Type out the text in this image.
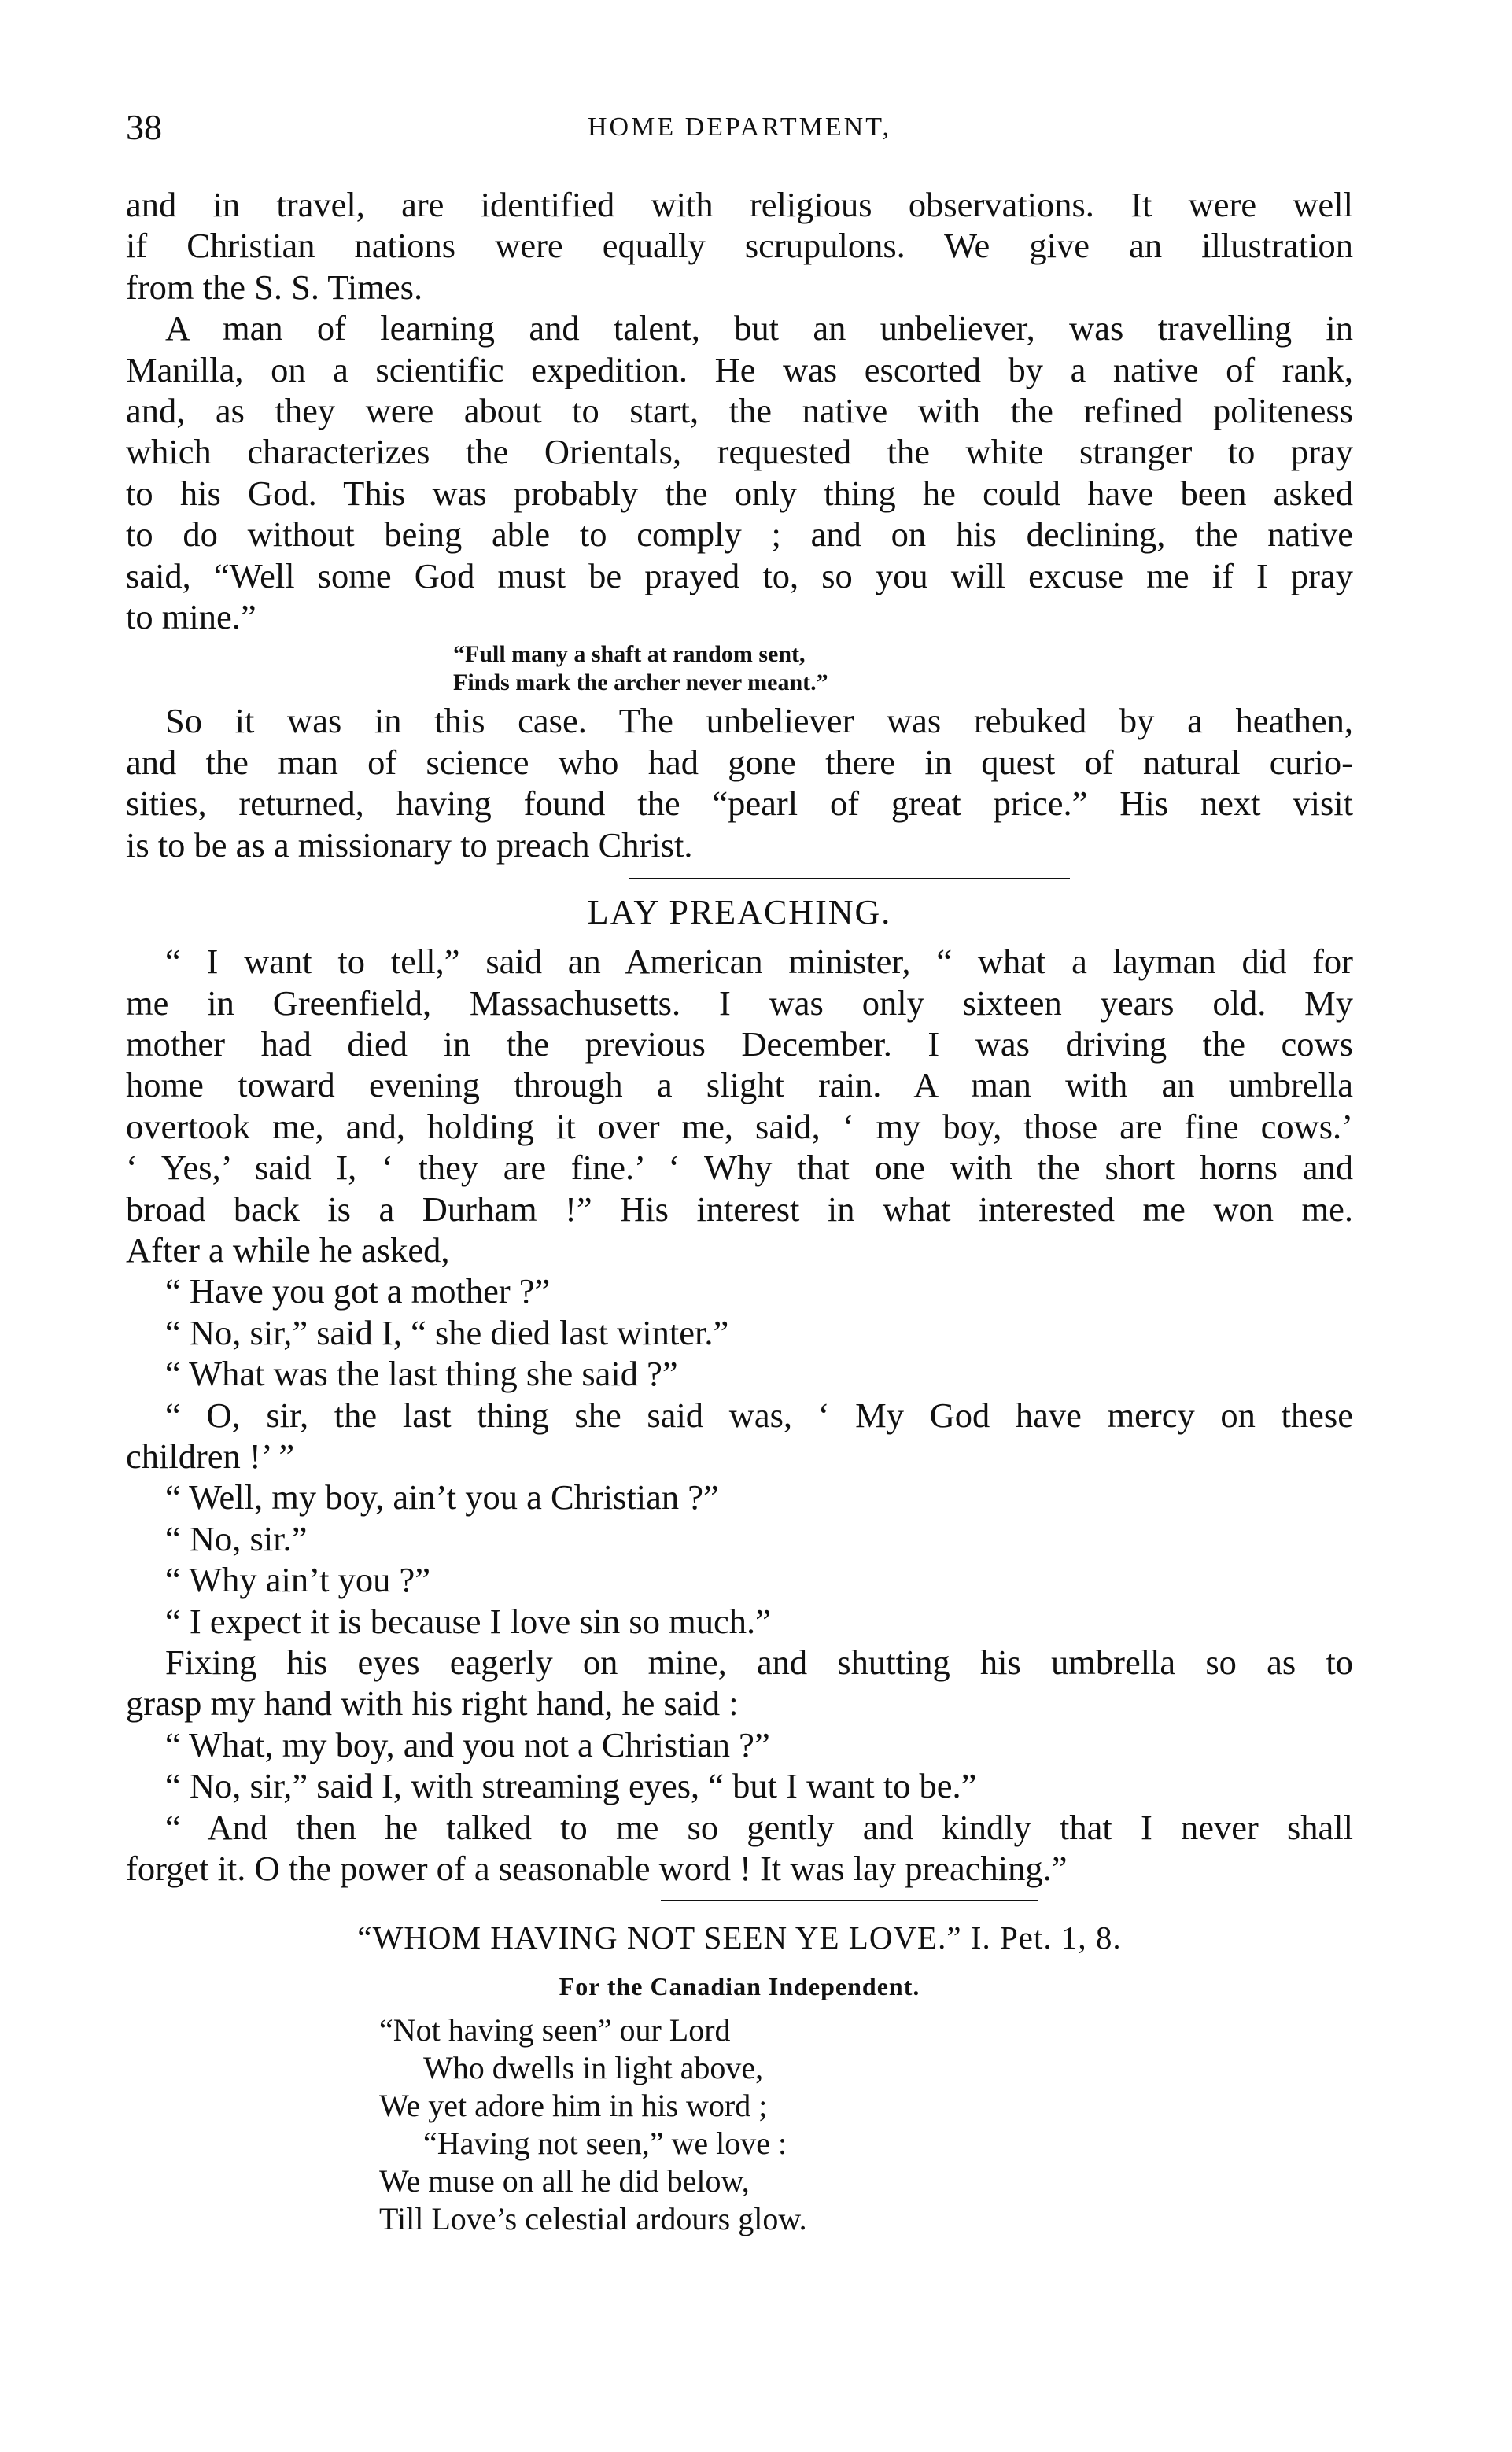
38	HOME DEPARTMENT,

and in travel, are identified with religious observations. It were well

if Christian nations were equally scrupulons. We give an illustration

from the S. S. Times.

A man of learning and talent, but an unbeliever, was travelling in

Manilla, on a scientific expedition. He was escorted by a native of rank,

and, as they were about to start, the native with the refined politeness

which characterizes the Orientals, requested the white stranger to pray

to his God. This was probably the only thing he could have been asked

to do without being able to comply ; and on his declining, the native

said, “Well some God must be prayed to, so you will excuse me if I pray

to mine.”

“Full many a shaft at random sent,
Finds mark the archer never meant.”

So it was in this case. The unbeliever was rebuked by a heathen,

and the man of science who had gone there in quest of natural curio-

sities, returned, having found the “pearl of great price.” His next visit

is to be as a missionary to preach Christ.

LAY PREACHING.

“ I want to tell,” said an American minister, “ what a layman did for

me in Greenfield, Massachusetts. I was only sixteen years old. My

mother had died in the previous December. I was driving the cows

home toward evening through a slight rain. A man with an umbrella

overtook me, and, holding it over me, said, ‘ my boy, those are fine cows.’

‘ Yes,’ said I, ‘ they are fine.’ ‘ Why that one with the short horns and

broad back is a Durham !” His interest in what interested me won me.

After a while he asked,

“ Have you got a mother ?”

“ No, sir,” said I, “ she died last winter.”

“ What was the last thing she said ?”

“ O, sir, the last thing she said was, ‘ My God have mercy on these

children !’ ”

“ Well, my boy, ain’t you a Christian ?”

“ No, sir.”

“ Why ain’t you ?”

“ I expect it is because I love sin so much.”

Fixing his eyes eagerly on mine, and shutting his umbrella so as to

grasp my hand with his right hand, he said :

“ What, my boy, and you not a Christian ?”

“ No, sir,” said I, with streaming eyes, “ but I want to be.”

“ And then he talked to me so gently and kindly that I never shall

forget it. O the power of a seasonable word ! It was lay preaching.”

“WHOM HAVING NOT SEEN YE LOVE.” I. Pet. 1, 8.
For the Canadian Independent.
“Not having seen” our Lord
Who dwells in light above,
We yet adore him in his word ;
“Having not seen,” we love :
We muse on all he did below,
Till Love’s celestial ardours glow.
